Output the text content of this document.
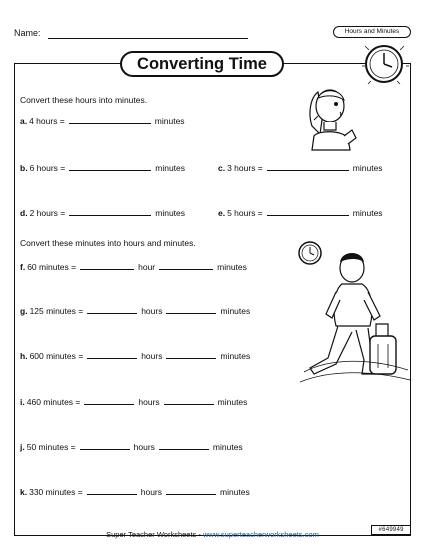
Name:	Hours and Minutes
Converting Time
Convert these hours into minutes.
a. 4 hours =	minutes
b. 6 hours =	minutes	c. 3 hours =	minutes
d. 2 hours =	minutes	e. 5 hours =	minutes
Convert these minutes into hours and minutes.
f. 60 minutes =	hour	minutes
g. 125 minutes =	hours	minutes
h. 600 minutes =	hours	minutes
i. 460 minutes =	hours	minutes
j. 50 minutes =	hours	minutes
k. 330 minutes =	hours	minutes
Super Teacher Worksheets - www.superteacherworksheets.com
#649949
